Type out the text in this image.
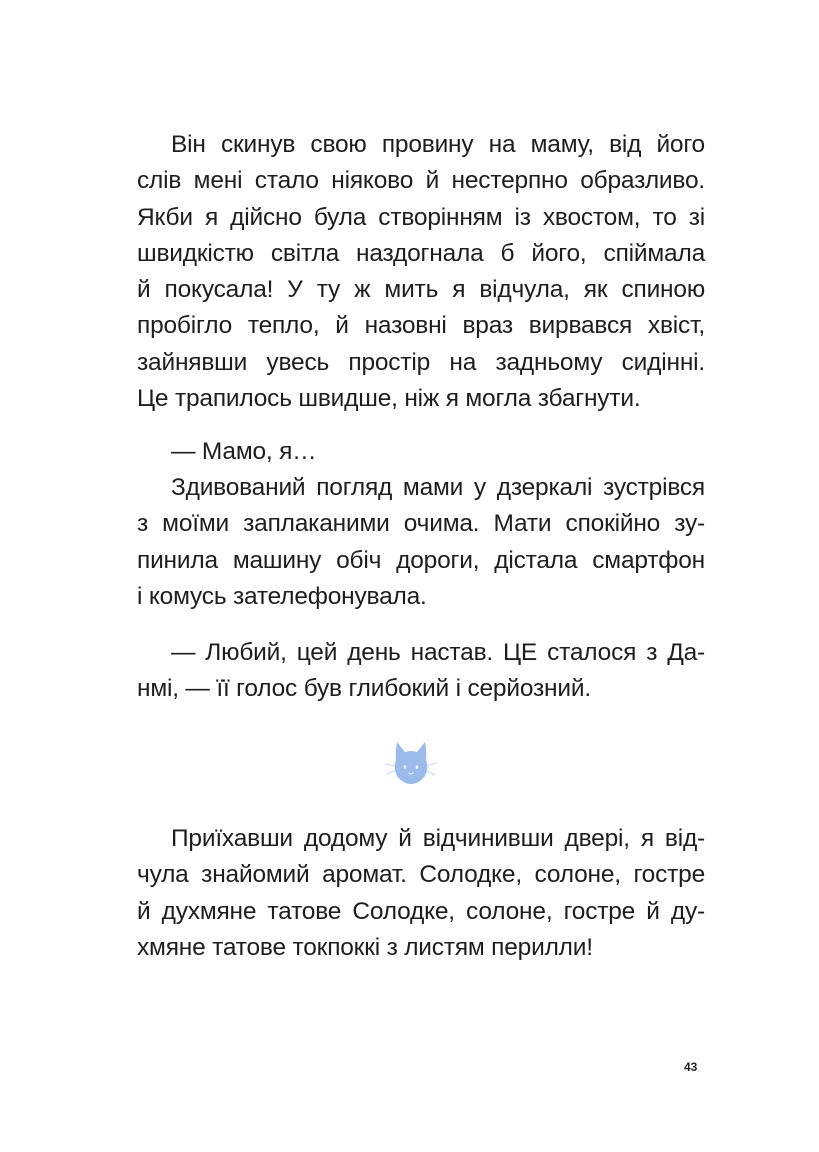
Він скинув свою провину на маму, від його
слів мені стало ніяково й нестерпно образливо.
Якби я дійсно була створінням із хвостом, то зі
швидкістю світла наздогнала б його, спіймала
й покусала! У ту ж мить я відчула, як спиною
пробігло тепло, й назовні враз вирвався хвіст,
зайнявши увесь простір на задньому сидінні.
Це трапилось швидше, ніж я могла збагнути.
— Мамо, я…
Здивований погляд мами у дзеркалі зустрівся
з моїми заплаканими очима. Мати спокійно зу-
пинила машину обіч дороги, дістала смартфон
і комусь зателефонувала.
— Любий, цей день настав. ЦЕ сталося з Да-
нмі, — її голос був глибокий і серйозний.
Приїхавши додому й відчинивши двері, я від-
чула знайомий аромат. Солодке, солоне, гостре
й духмяне татове Солодке, солоне, гостре й ду-
хмяне татове токпоккі з листям перилли!
43
